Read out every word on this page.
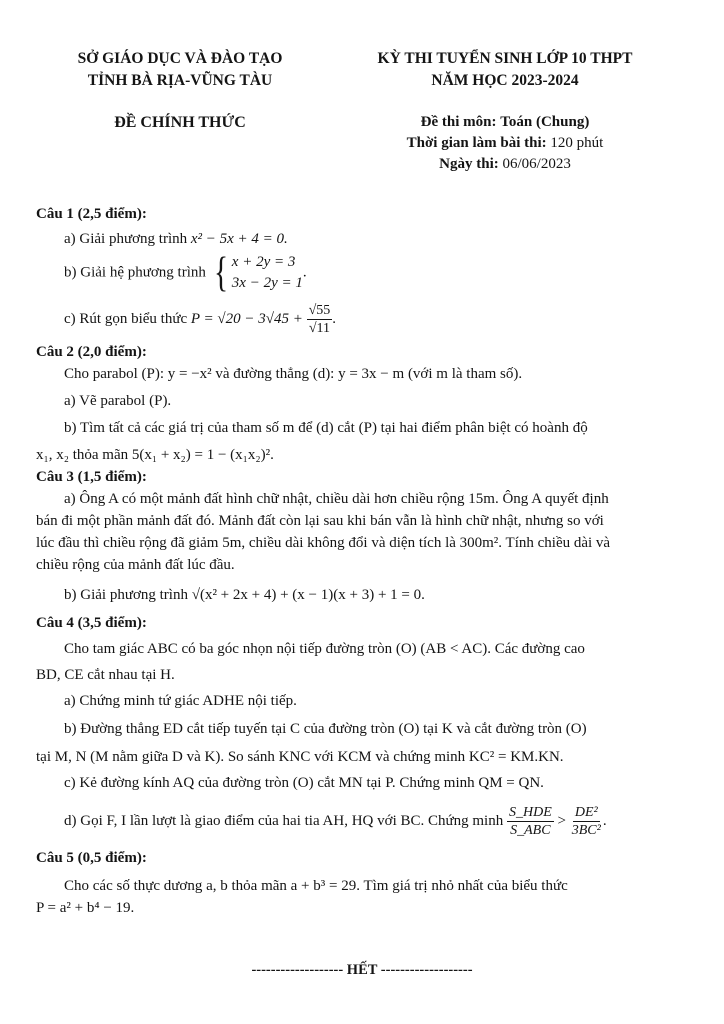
SỞ GIÁO DỤC VÀ ĐÀO TẠO
TỈNH BÀ RỊA-VŨNG TÀU
KỲ THI TUYỂN SINH LỚP 10 THPT
NĂM HỌC 2023-2024
ĐỀ CHÍNH THỨC	Đề thi môn: Toán (Chung)
Thời gian làm bài thi: 120 phút
Ngày thi: 06/06/2023

Câu 1 (2,5 điểm):

a) Giải phương trình x² − 5x + 4 = 0.

b) Giải hệ phương trình { x + 2y = 3
3x − 2y = 1
.

c) Rút gọn biểu thức $P = √20 - 3√45 + \frac{√55}{√11}$ .

Câu 2 (2,0 điểm):

Cho parabol (P): y = −x² và đường thẳng (d): y = 3x − m (với m là tham số).

a) Vẽ parabol (P).

b) Tìm tất cả các giá trị của tham số m để (d) cắt (P) tại hai điểm phân biệt có hoành độ

x₁, x₂ thỏa mãn 5(x₁ + x₂) = 1 − (x₁x₂)².

Câu 3 (1,5 điểm):

a) Ông A có một mảnh đất hình chữ nhật, chiều dài hơn chiều rộng 15m. Ông A quyết định

bán đi một phần mảnh đất đó. Mảnh đất còn lại sau khi bán vẫn là hình chữ nhật, nhưng so với

lúc đầu thì chiều rộng đã giảm 5m, chiều dài không đổi và diện tích là 300m². Tính chiều dài và

chiều rộng của mảnh đất lúc đầu.

b) Giải phương trình √(x² + 2x + 4) + (x − 1)(x + 3) + 1 = 0.

Câu 4 (3,5 điểm):

Cho tam giác ABC có ba góc nhọn nội tiếp đường tròn (O) (AB < AC). Các đường cao

BD, CE cắt nhau tại H.

a) Chứng minh tứ giác ADHE nội tiếp.

b) Đường thẳng ED cắt tiếp tuyến tại C của đường tròn (O) tại K và cắt đường tròn (O)

tại M, N (M nằm giữa D và K). So sánh KNC với KCM và chứng minh KC² = KM.KN.

c) Kẻ đường kính AQ của đường tròn (O) cắt MN tại P. Chứng minh QM = QN.

d) Gọi F, I lần lượt là giao điểm của hai tia AH, HQ với BC. Chứng minh $\frac{\text{S\_HDE}}{\text{S\_ABC}} > \frac{\text{DE²}}{\text{3BC²}}$ .

Câu 5 (0,5 điểm):

Cho các số thực dương a, b thỏa mãn a + b³ = 29. Tìm giá trị nhỏ nhất của biểu thức

P = a² + b⁴ − 19.

------------------- HẾT -------------------
